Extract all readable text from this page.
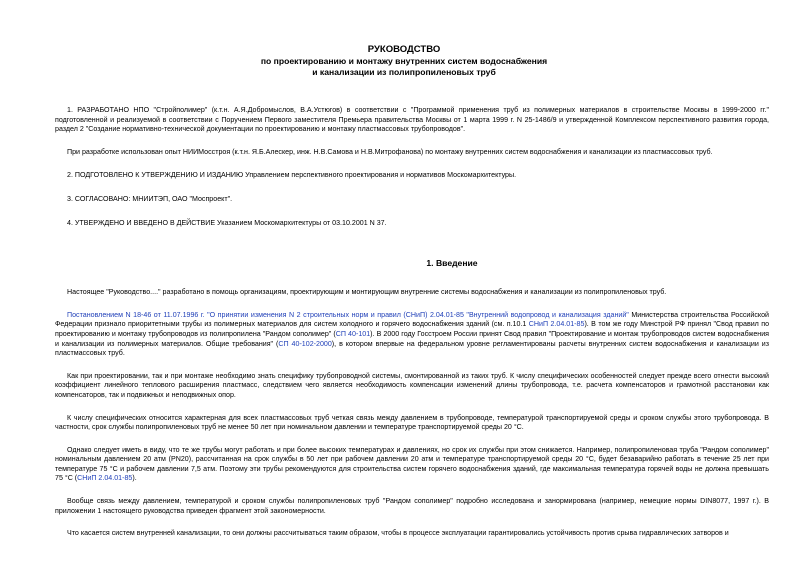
РУКОВОДСТВО
по проектированию и монтажу внутренних систем водоснабжения
и канализации из полипропиленовых труб

1. РАЗРАБОТАНО НПО "Стройполимер" (к.т.н. А.Я.Добромыслов, В.А.Устюгов) в соответствии с "Программой применения труб из полимерных материалов в строительстве Москвы в 1999-2000 гг." подготовленной и реализуемой в соответствии с Поручением Первого заместителя Премьера правительства Москвы от 1 марта 1999 г. N 25-1486/9 и утвержденной Комплексом перспективного развития города, раздел 2 "Создание нормативно-технической документации по проектированию и монтажу пластмассовых трубопроводов".

При разработке использован опыт НИИМосстроя (к.т.н. Я.Б.Алескер, инж. Н.В.Самова и Н.В.Митрофанова) по монтажу внутренних систем водоснабжения и канализации из пластмассовых труб.

2. ПОДГОТОВЛЕНО К УТВЕРЖДЕНИЮ И ИЗДАНИЮ Управлением перспективного проектирования и нормативов Москомархитектуры.

3. СОГЛАСОВАНО: МНИИТЭП, ОАО "Моспроект".

4. УТВЕРЖДЕНО И ВВЕДЕНО В ДЕЙСТВИЕ Указанием Москомархитектуры от 03.10.2001 N 37.

1. Введение

Настоящее "Руководство...." разработано в помощь организациям, проектирующим и монтирующим внутренние системы водоснабжения и канализации из полипропиленовых труб.

Постановлением N 18-46 от 11.07.1996 г. "О принятии изменения N 2 строительных норм и правил (СНиП) 2.04.01-85 "Внутренний водопровод и канализация зданий" Министерства строительства Российской Федерации признало приоритетными трубы из полимерных материалов для систем холодного и горячего водоснабжения зданий (см. п.10.1 СНиП 2.04.01-85). В том же году Минстрой РФ принял "Свод правил по проектированию и монтажу трубопроводов из полипропилена "Рандом сополимер" (СП 40-101). В 2000 году Госстроем России принят Свод правил "Проектирование и монтаж трубопроводов систем водоснабжения и канализации из полимерных материалов. Общие требования" (СП 40-102-2000), в котором впервые на федеральном уровне регламентированы расчеты внутренних систем водоснабжения и канализации из пластмассовых труб.

Как при проектировании, так и при монтаже необходимо знать специфику трубопроводной системы, смонтированной из таких труб. К числу специфических особенностей следует прежде всего отнести высокий коэффициент линейного теплового расширения пластмасс, следствием чего является необходимость компенсации изменений длины трубопровода, т.е. расчета компенсаторов и грамотной расстановки как компенсаторов, так и подвижных и неподвижных опор.

К числу специфических относится характерная для всех пластмассовых труб четкая связь между давлением в трубопроводе, температурой транспортируемой среды и сроком службы этого трубопровода. В частности, срок службы полипропиленовых труб не менее 50 лет при номинальном давлении и температуре транспортируемой среды 20 °С.

Однако следует иметь в виду, что те же трубы могут работать и при более высоких температурах и давлениях, но срок их службы при этом снижается. Например, полипропиленовая труба "Рандом сополимер" номинальным давлением 20 атм (PN20), рассчитанная на срок службы в 50 лет при рабочем давлении 20 атм и температуре транспортируемой среды 20 °С, будет безаварийно работать в течение 25 лет при температуре 75 °С и рабочем давлении 7,5 атм. Поэтому эти трубы рекомендуются для строительства систем горячего водоснабжения зданий, где максимальная температура горячей воды не должна превышать 75 °С (СНиП 2.04.01-85).

Вообще связь между давлением, температурой и сроком службы полипропиленовых труб "Рандом сополимер" подробно исследована и занормирована (например, немецкие нормы DIN8077, 1997 г.). В приложении 1 настоящего руководства приведен фрагмент этой закономерности.

Что касается систем внутренней канализации, то они должны рассчитываться таким образом, чтобы в процессе эксплуатации гарантировались устойчивость против срыва гидравлических затворов и
